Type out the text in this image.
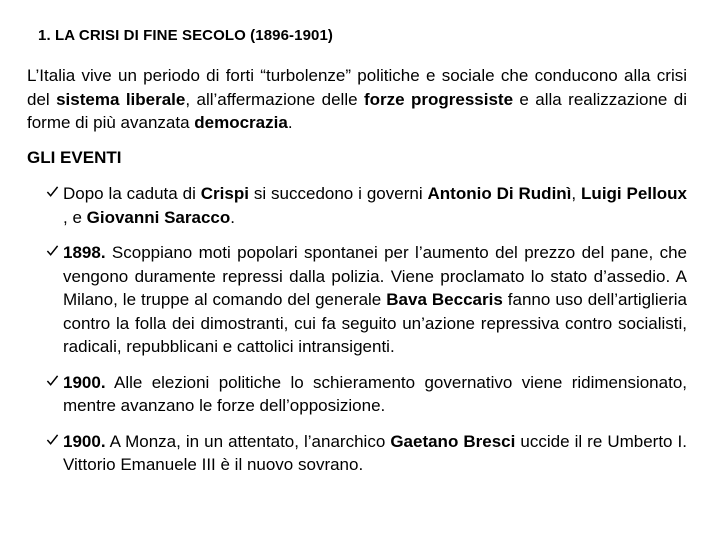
1. LA CRISI DI FINE SECOLO (1896-1901)
L’Italia vive un periodo di forti “turbolenze” politiche e sociale che conducono alla crisi del sistema liberale, all’affermazione delle forze progressiste e alla realizzazione di forme di più avanzata democrazia.
GLI EVENTI
Dopo la caduta di Crispi si succedono i governi Antonio Di Rudinì, Luigi Pelloux , e Giovanni Saracco.
1898. Scoppiano moti popolari spontanei per l’aumento del prezzo del pane, che vengono duramente repressi dalla polizia. Viene proclamato lo stato d’assedio. A Milano, le truppe al comando del generale Bava Beccaris fanno uso dell’artiglieria contro la folla dei dimostranti, cui fa seguito un’azione repressiva contro socialisti, radicali, repubblicani e cattolici intransigenti.
1900. Alle elezioni politiche lo schieramento governativo viene ridimensionato, mentre avanzano le forze dell’opposizione.
1900. A Monza, in un attentato, l’anarchico Gaetano Bresci uccide il re Umberto I. Vittorio Emanuele III è il nuovo sovrano.
